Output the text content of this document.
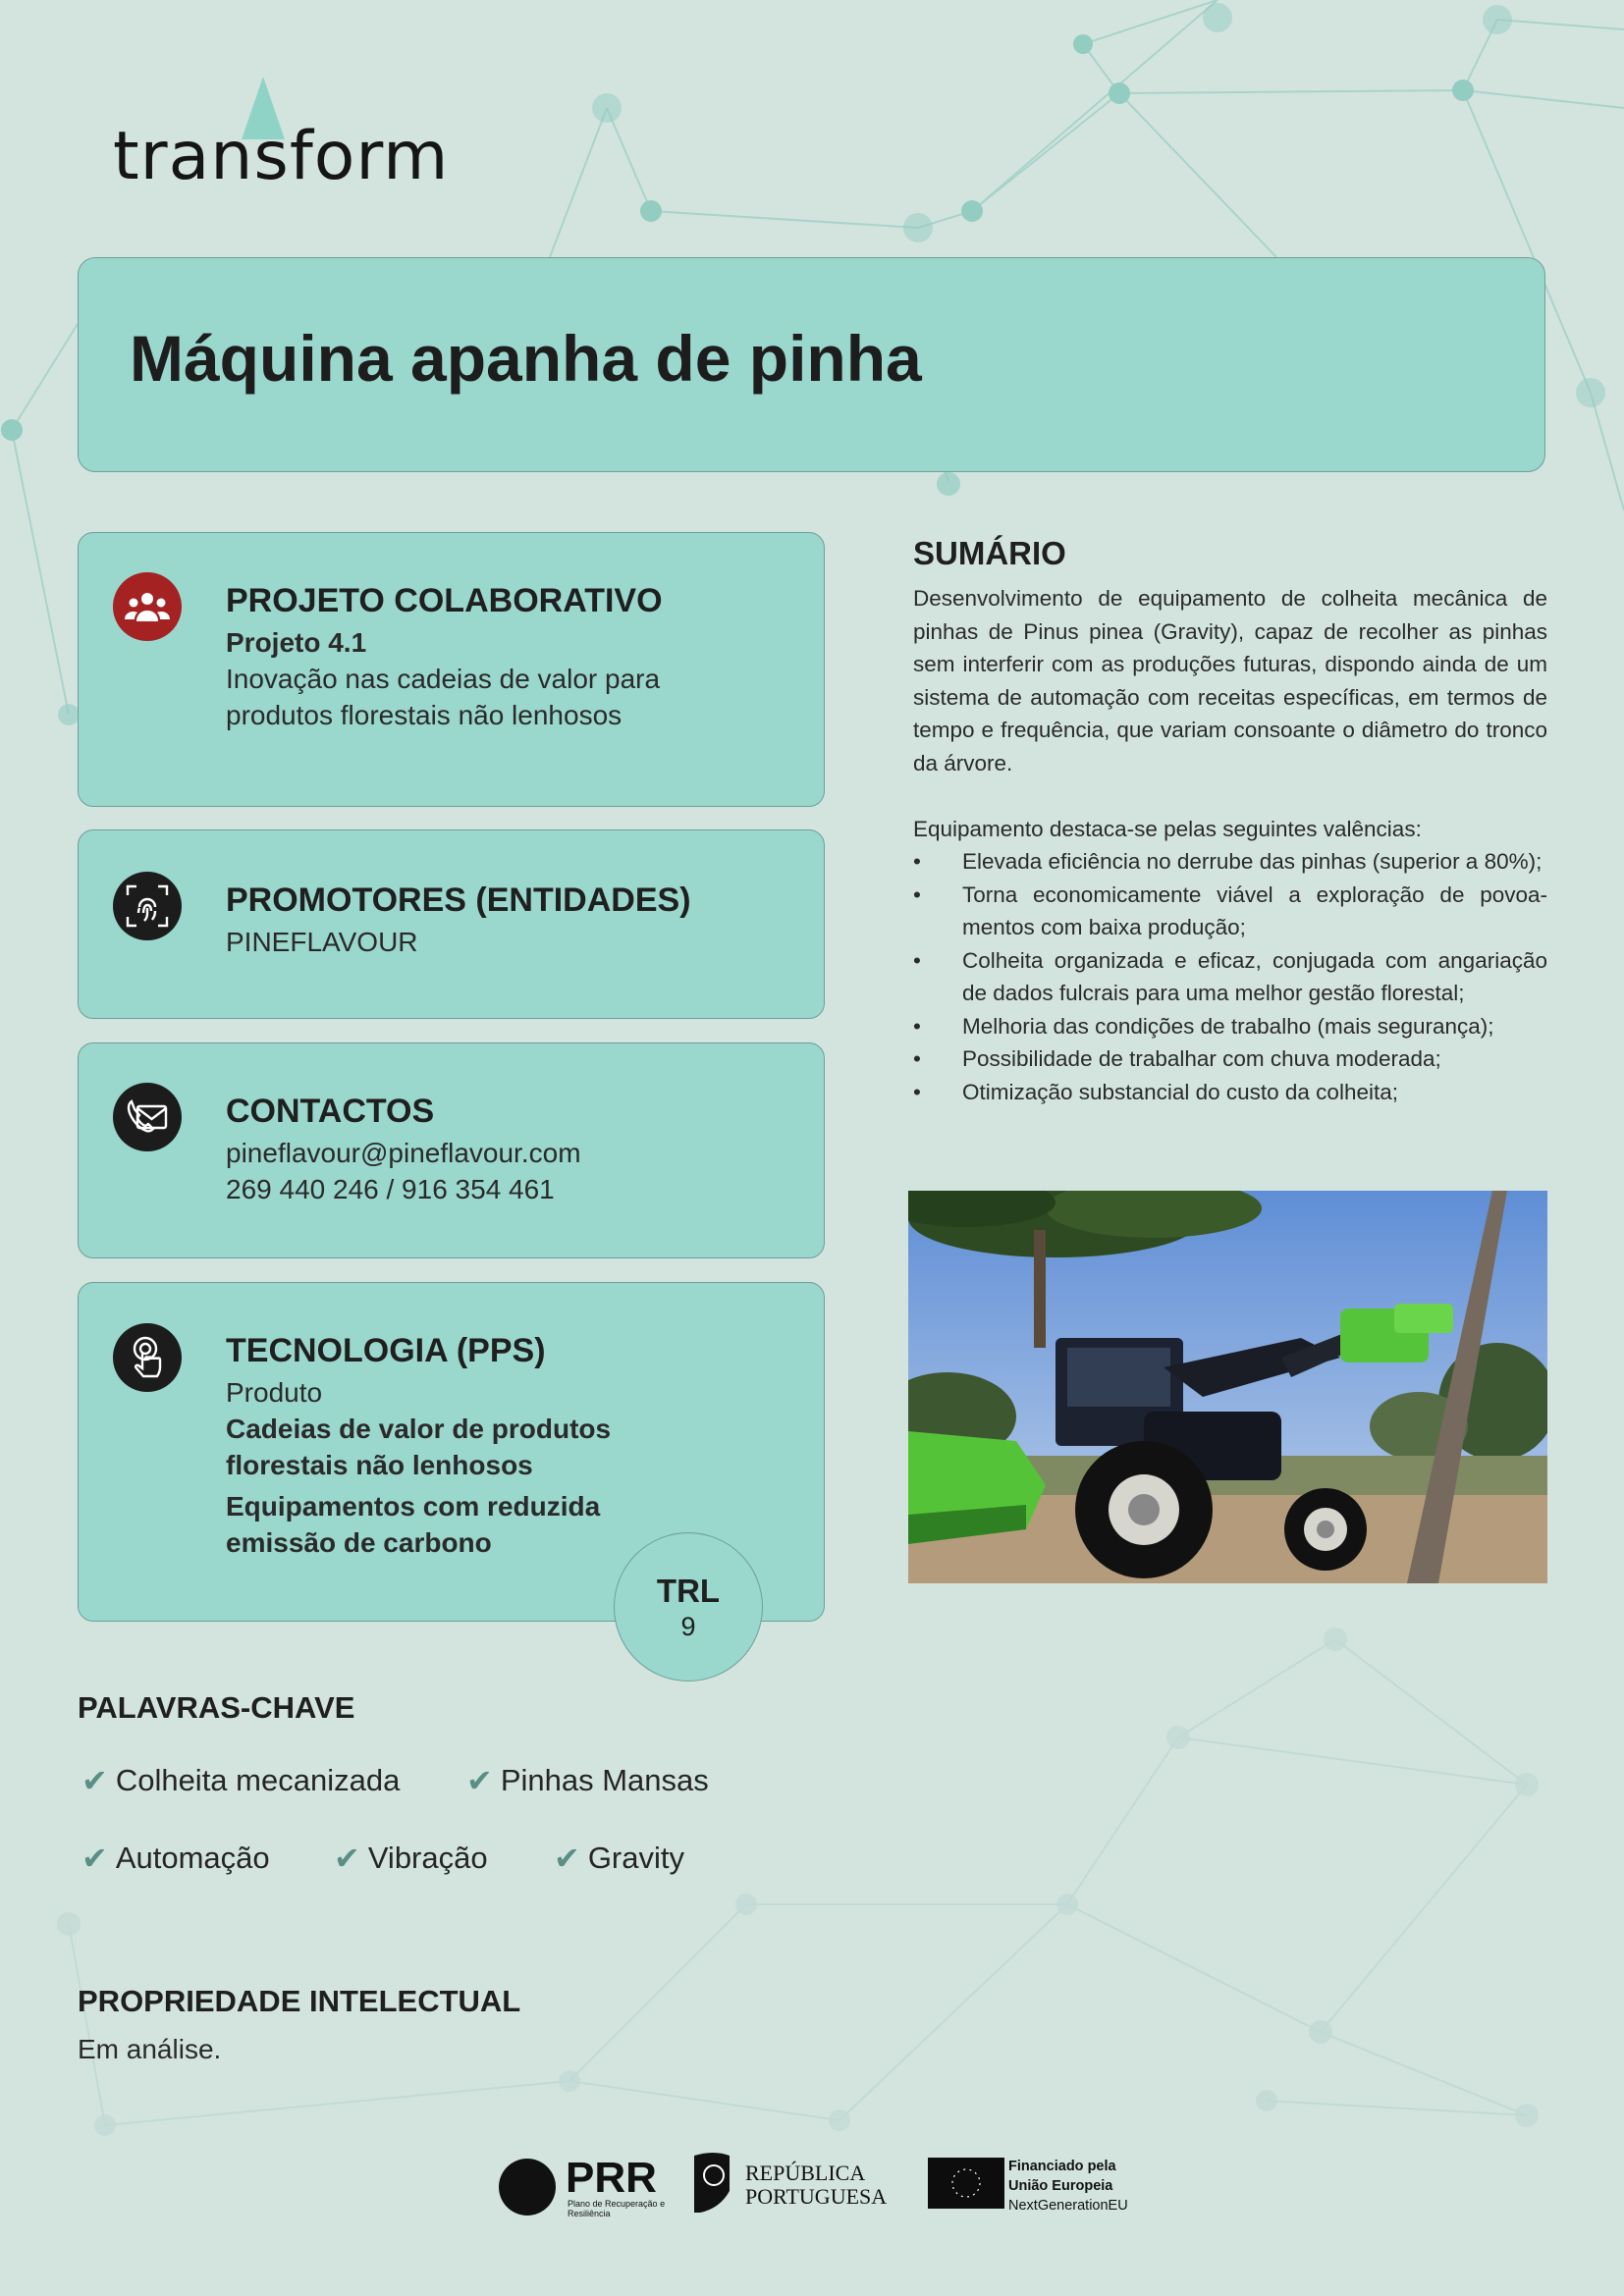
transform
Máquina apanha de pinha
PROJETO COLABORATIVO
Projeto 4.1
Inovação nas cadeias de valor para
produtos florestais não lenhosos
PROMOTORES (ENTIDADES)
PINEFLAVOUR
CONTACTOS
pineflavour@pineflavour.com
269 440 246 / 916 354 461
TECNOLOGIA (PPS)
Produto
Cadeias de valor de produtos
florestais não lenhosos
Equipamentos com reduzida
emissão de carbono
TRL
9
SUMÁRIO
Desenvolvimento de equipamento de colheita mecânica de pinhas de Pinus pinea (Gravity), capaz de recolher as pinhas sem interferir com as produções futuras, dispondo ainda de um sistema de automação com receitas específicas, em termos de tempo e frequência, que variam consoante o diâmetro do tronco da árvore.
Equipamento destaca-se pelas seguintes valências:
• Elevada eficiência no derrube das pinhas (superior a 80%);
• Torna economicamente viável a exploração de povoa-mentos com baixa produção;
• Colheita organizada e eficaz, conjugada com angariação de dados fulcrais para uma melhor gestão florestal;
• Melhoria das condições de trabalho (mais segurança);
• Possibilidade de trabalhar com chuva moderada;
• Otimização substancial do custo da colheita;
PALAVRAS-CHAVE
✔ Colheita mecanizada ✔ Pinhas Mansas
✔ Automação ✔ Vibração ✔ Gravity
PROPRIEDADE INTELECTUAL
Em análise.
PRR
Plano de Recuperação e Resiliência
REPÚBLICA
PORTUGUESA
Financiado pela
União Europeia
NextGenerationEU
